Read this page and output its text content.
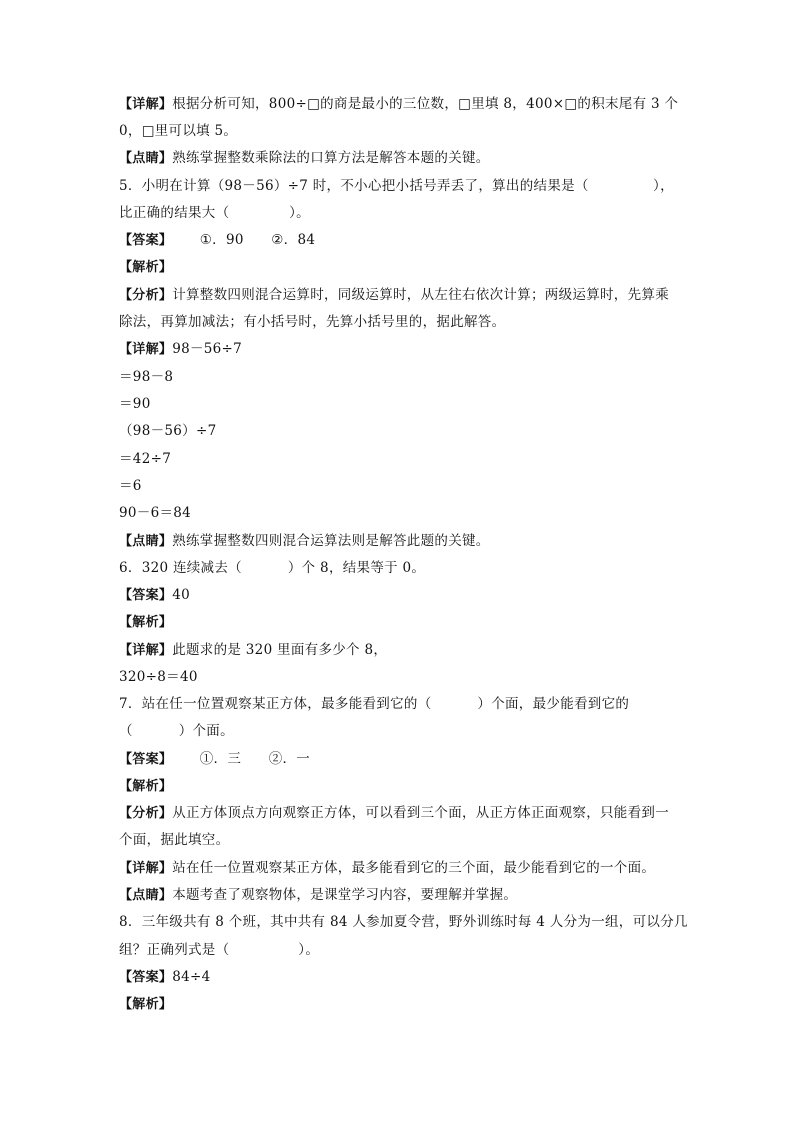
【详解】根据分析可知，800÷□的商是最小的三位数，□里填 8，400×□的积末尾有 3 个
0，□里可以填 5。
【点睛】熟练掌握整数乘除法的口算方法是解答本题的关键。
5．小明在计算（98－56）÷7 时，不小心把小括号弄丢了，算出的结果是（              ），
比正确的结果大（             ）。
【答案】      ①．90      ②．84
【解析】
【分析】计算整数四则混合运算时，同级运算时，从左往右依次计算；两级运算时，先算乘
除法，再算加减法；有小括号时，先算小括号里的，据此解答。
【详解】98－56÷7
＝98－8
＝90
（98－56）÷7
＝42÷7
＝6
90－6＝84
【点睛】熟练掌握整数四则混合运算法则是解答此题的关键。
6．320 连续减去（          ）个 8，结果等于 0。
【答案】40
【解析】
【详解】此题求的是 320 里面有多少个 8，
320÷8＝40
7．站在任一位置观察某正方体，最多能看到它的（          ）个面，最少能看到它的
（          ）个面。
【答案】      ①．三      ②．一
【解析】
【分析】从正方体顶点方向观察正方体，可以看到三个面，从正方体正面观察，只能看到一
个面，据此填空。
【详解】站在任一位置观察某正方体，最多能看到它的三个面，最少能看到它的一个面。
【点睛】本题考查了观察物体，是课堂学习内容，要理解并掌握。
8．三年级共有 8 个班，其中共有 84 人参加夏令营，野外训练时每 4 人分为一组，可以分几
组？正确列式是（               ）。
【答案】84÷4
【解析】
